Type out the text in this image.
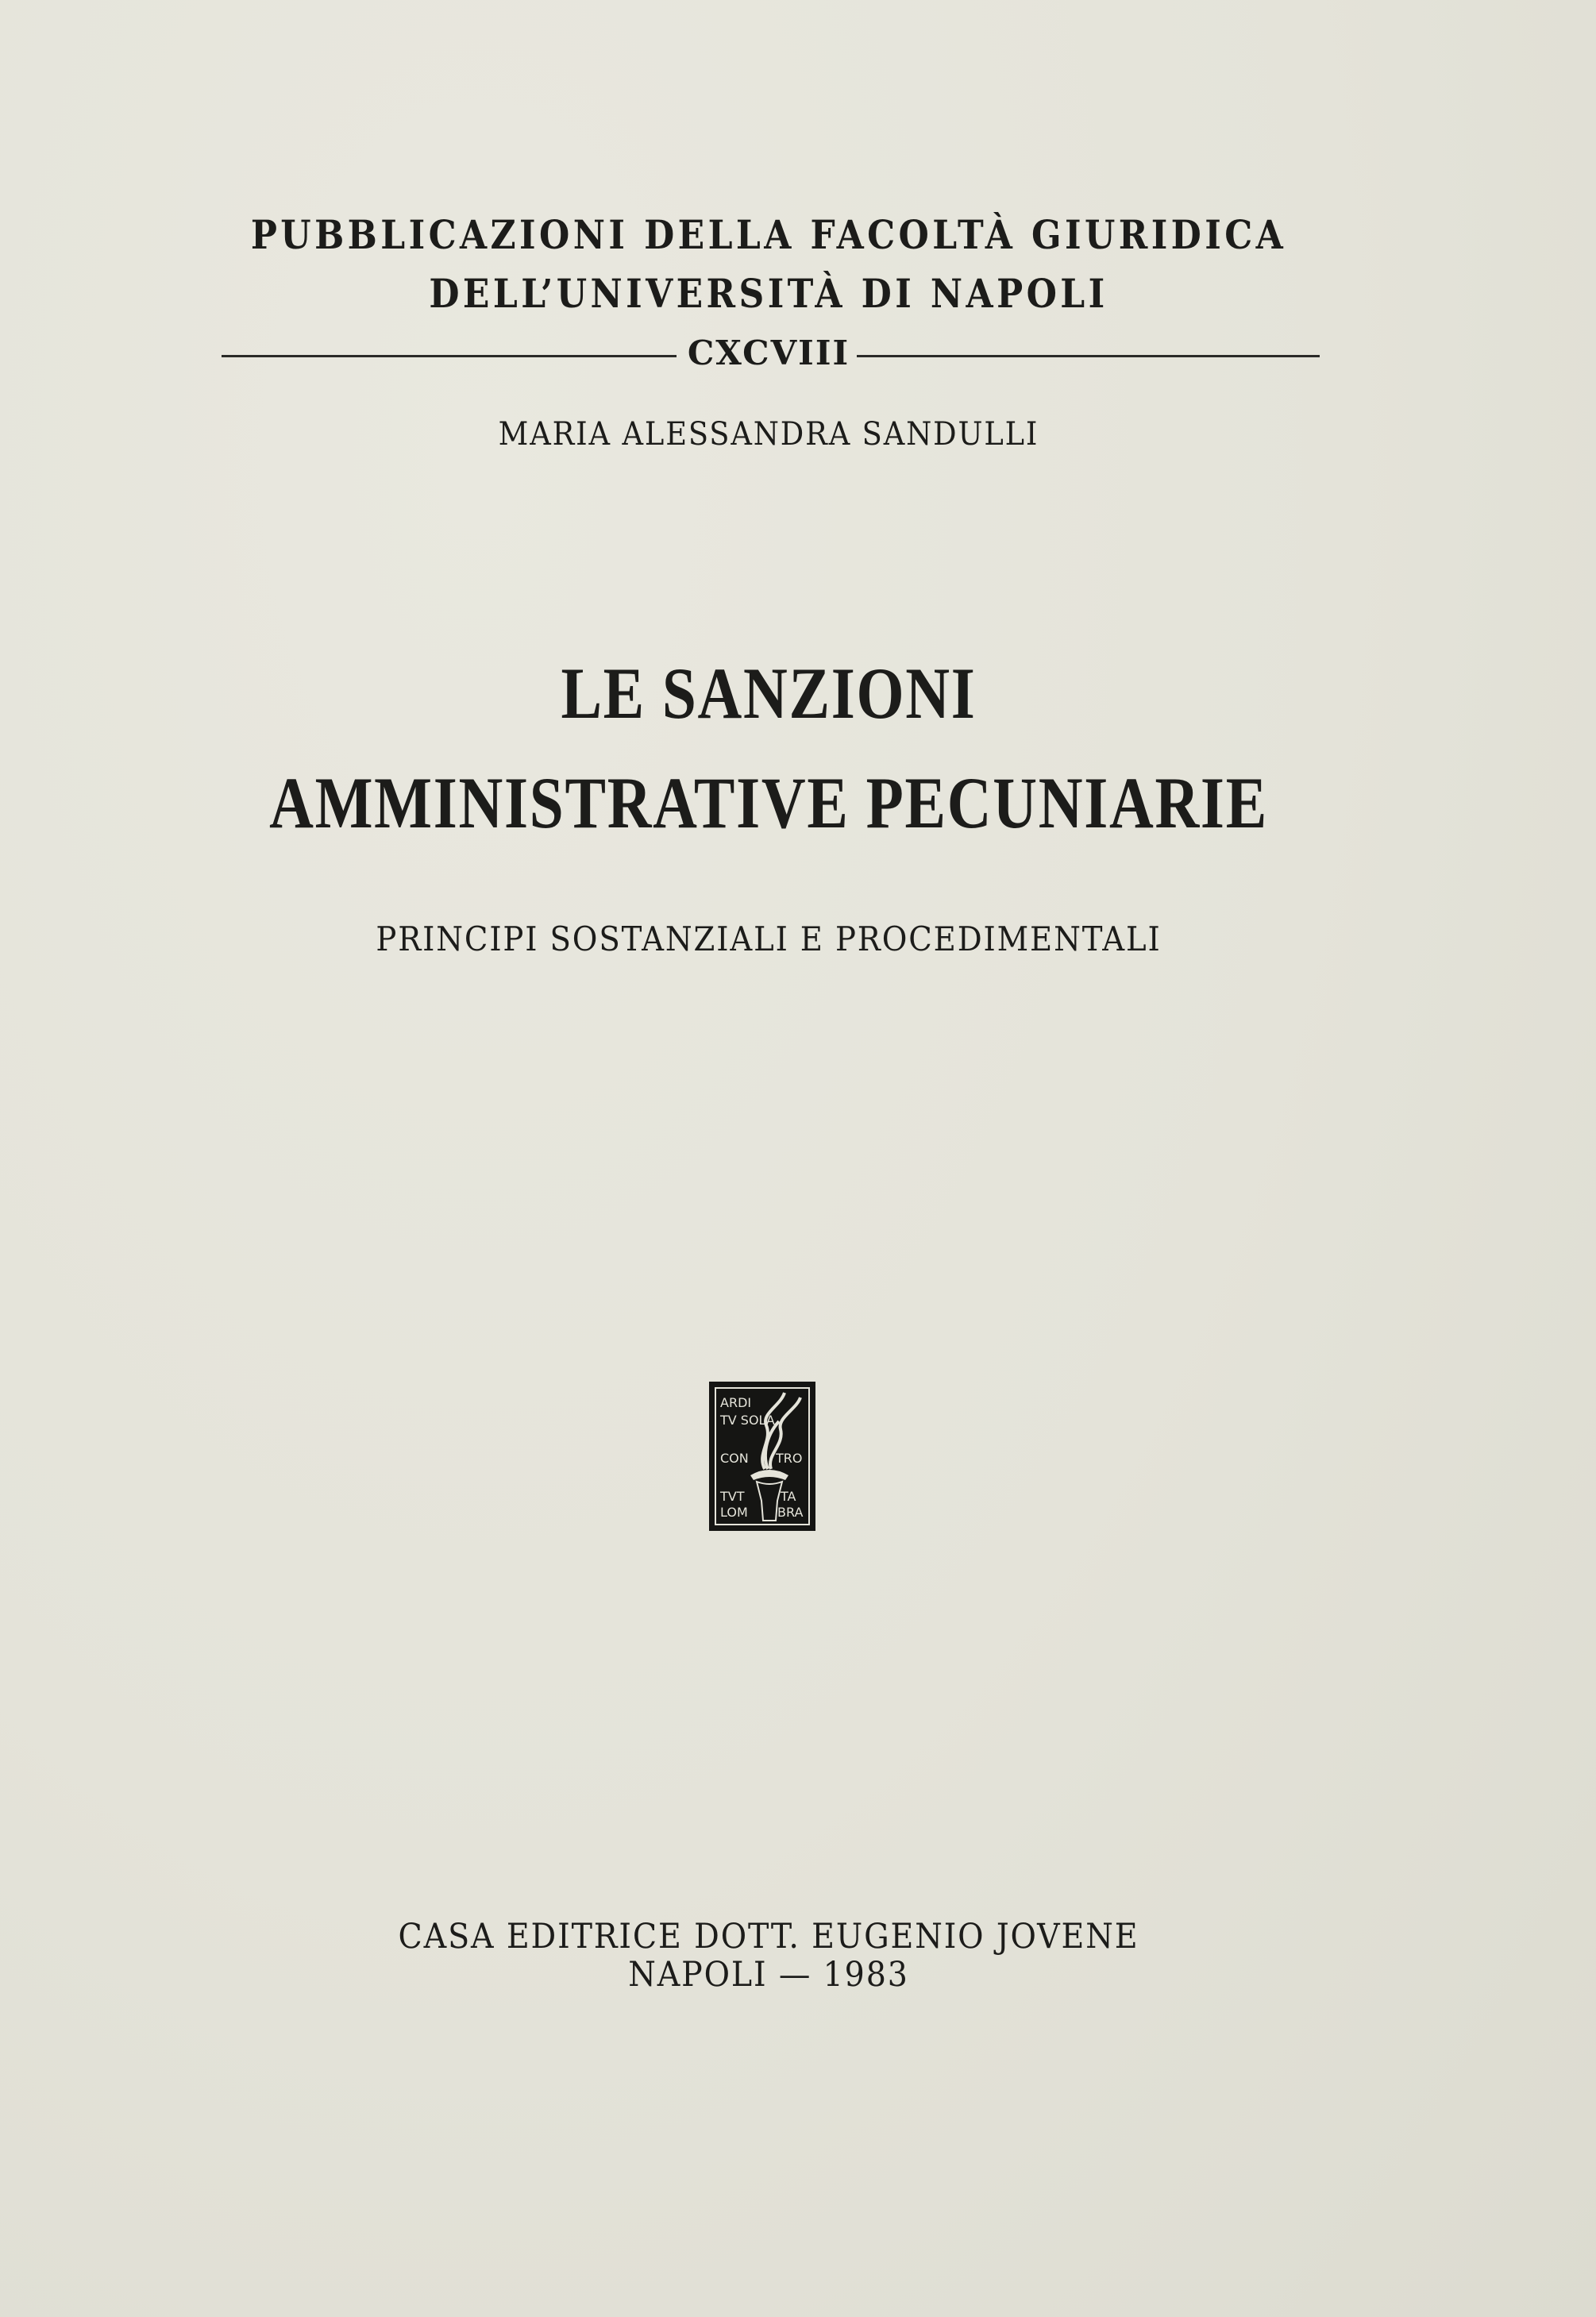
PUBBLICAZIONI DELLA FACOLTÀ GIURIDICA
DELL’UNIVERSITÀ DI NAPOLI
CXCVIII
MARIA ALESSANDRA SANDULLI
LE SANZIONI
AMMINISTRATIVE PECUNIARIE
PRINCIPI SOSTANZIALI E PROCEDIMENTALI
ARDI
TV SOLA
CON TRO
TVT	TA
LOM BRA
CASA EDITRICE DOTT. EUGENIO JOVENE
NAPOLI — 1983
